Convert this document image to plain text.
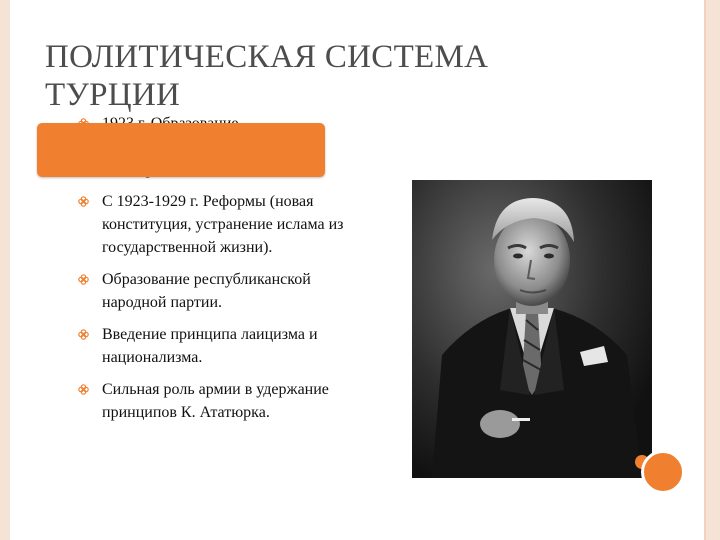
ПОЛИТИЧЕСКАЯ СИСТЕМА ТУРЦИИ

С 1923-1929 г. Реформы (новая конституция, устранение ислама из государственной жизни).
Образование республиканской народной партии.
Введение принципа лаицизма и национализма.
Сильная роль армии в удержание принципов К. Ататюрка.
